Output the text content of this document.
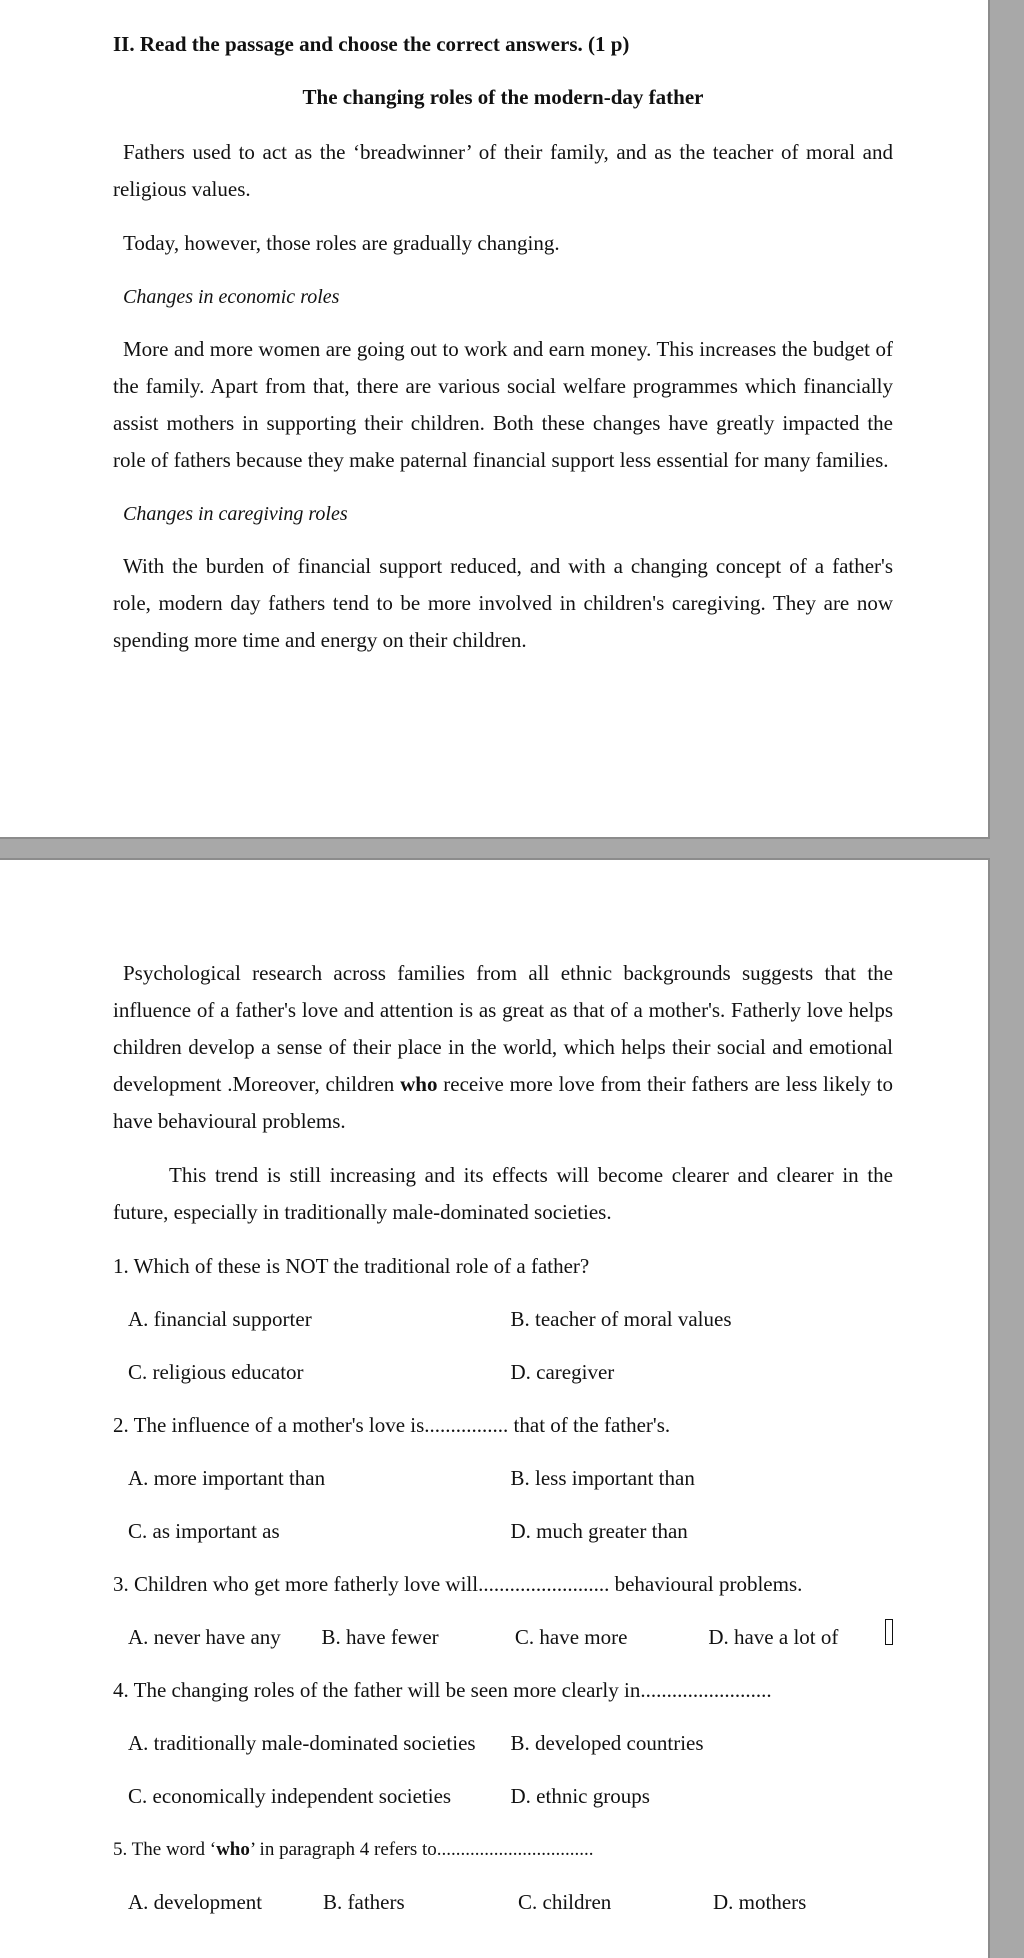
II. Read the passage and choose the correct answers. (1 p)

The changing roles of the modern-day father

Fathers used to act as the ‘breadwinner’ of their family, and as the teacher of moral and religious values.

Today, however, those roles are gradually changing.

Changes in economic roles

More and more women are going out to work and earn money. This increases the budget of the family. Apart from that, there are various social welfare programmes which financially assist mothers in supporting their children. Both these changes have greatly impacted the role of fathers because they make paternal financial support less essential for many families.

Changes in caregiving roles

With the burden of financial support reduced, and with a changing concept of a father's role, modern day fathers tend to be more involved in children's caregiving. They are now spending more time and energy on their children.

Psychological research across families from all ethnic backgrounds suggests that the influence of a father's love and attention is as great as that of a mother's. Fatherly love helps children develop a sense of their place in the world, which helps their social and emotional development .Moreover, children who receive more love from their fathers are less likely to have behavioural problems.

This trend is still increasing and its effects will become clearer and clearer in the future, especially in traditionally male-dominated societies.

1. Which of these is NOT the traditional role of a father?

A. financial supporter	B. teacher of moral values
C. religious educator	D. caregiver

2. The influence of a mother's love is................ that of the father's.

A. more important than	B. less important than
C. as important as	D. much greater than

3. Children who get more fatherly love will......................... behavioural problems.

A. never have any	B. have fewer	C. have more	D. have a lot of

4. The changing roles of the father will be seen more clearly in.........................

A. traditionally male-dominated societies	B. developed countries
C. economically independent societies	D. ethnic groups

5. The word ‘who’ in paragraph 4 refers to.................................

A. development	B. fathers	C. children	D. mothers
